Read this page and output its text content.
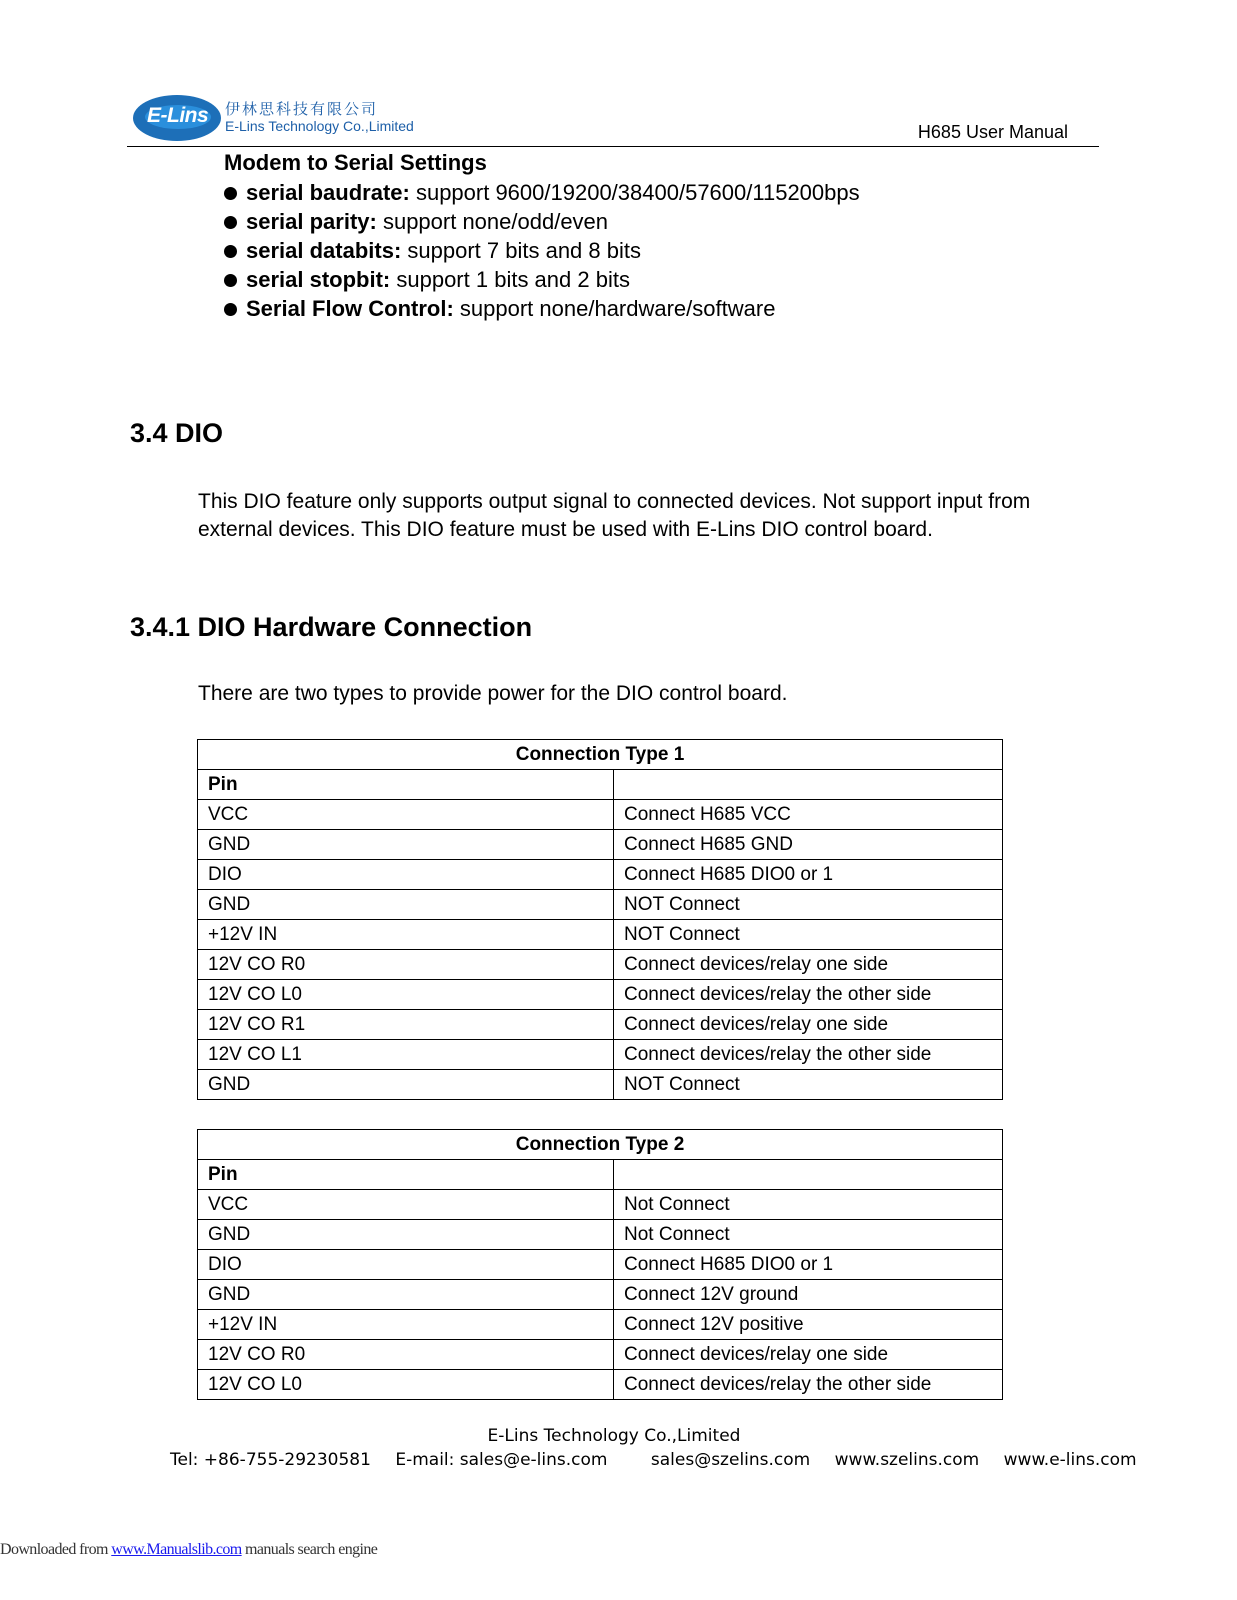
E-Lins 伊林思科技有限公司
E-Lins Technology Co.,Limited	H685 User Manual
Modem to Serial Settings
serial baudrate: support 9600/19200/38400/57600/115200bps
serial parity: support none/odd/even
serial databits: support 7 bits and 8 bits
serial stopbit: support 1 bits and 2 bits
Serial Flow Control: support none/hardware/software
3.4 DIO
This DIO feature only supports output signal to connected devices. Not support input from external devices. This DIO feature must be used with E-Lins DIO control board.
3.4.1 DIO Hardware Connection
There are two types to provide power for the DIO control board.
Connection Type 1	
Pin	
VCC	Connect H685 VCC
GND	Connect H685 GND
DIO	Connect H685 DIO0 or 1
GND	NOT Connect
+12V IN	NOT Connect
12V CO R0	Connect devices/relay one side
12V CO L0	Connect devices/relay the other side
12V CO R1	Connect devices/relay one side
12V CO L1	Connect devices/relay the other side
GND	NOT Connect
Connection Type 2	
Pin	
VCC	Not Connect
GND	Not Connect
DIO	Connect H685 DIO0 or 1
GND	Connect 12V ground
+12V IN	Connect 12V positive
12V CO R0	Connect devices/relay one side
12V CO L0	Connect devices/relay the other side
E-Lins Technology Co.,Limited
Tel: +86-755-29230581 E-mail: sales@e-lins.com	sales@szelins.com www.szelins.com www.e-lins.com
Downloaded from www.Manualslib.com manuals search engine
